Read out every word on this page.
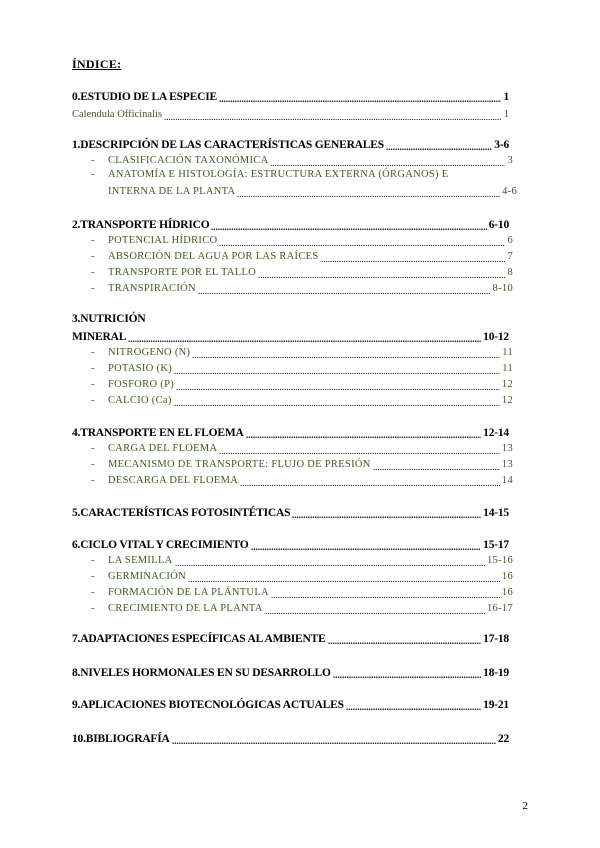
ÍNDICE:
0.ESTUDIO DE LA ESPECIE	1
.....
Calendula Officinalis	1
.....
1.DESCRIPCIÓN DE LAS CARACTERÍSTICAS GENERALES	3-6
.....
- CLASIFICACIÓN TAXONÓMICA	3
.....
- ANATOMÍA E HISTOLOGÍA: ESTRUCTURA EXTERNA (ÓRGANOS) E
INTERNA DE LA PLANTA	4-6
.....
2.TRANSPORTE HÍDRICO	6-10
.....
- POTENCIAL HÍDRICO	6
.....
- ABSORCIÓN DEL AGUA POR LAS RAÍCES	7
.....
- TRANSPORTE POR EL TALLO	8
.....
- TRANSPIRACIÓN	8-10
.....
3.NUTRICIÓN
MINERAL	10-12
.....
- NITROGENO (N)	11
.....
- POTASIO (K)	11
.....
- FOSFORO (P)	12
.....
- CALCIO (Ca)	12
.....
4.TRANSPORTE EN EL FLOEMA	12-14
.....
- CARGA DEL FLOEMA	13
.....
- MECANISMO DE TRANSPORTE: FLUJO DE PRESIÓN	13
.....
- DESCARGA DEL FLOEMA	14
.....
5.CARACTERÍSTICAS FOTOSINTÉTICAS	14-15
.....
6.CICLO VITAL Y CRECIMIENTO	15-17
.....
- LA SEMILLA	15-16
.....
- GERMINACIÓN	16
.....
- FORMACIÓN DE LA PLÁNTULA	16
.....
- CRECIMIENTO DE LA PLANTA	16-17
.....
7.ADAPTACIONES ESPECÍFICAS AL AMBIENTE	17-18
.....
8.NIVELES HORMONALES EN SU DESARROLLO	18-19
.....
9.APLICACIONES BIOTECNOLÓGICAS ACTUALES	19-21
.....
10.BIBLIOGRAFÍA	22
.....
2
